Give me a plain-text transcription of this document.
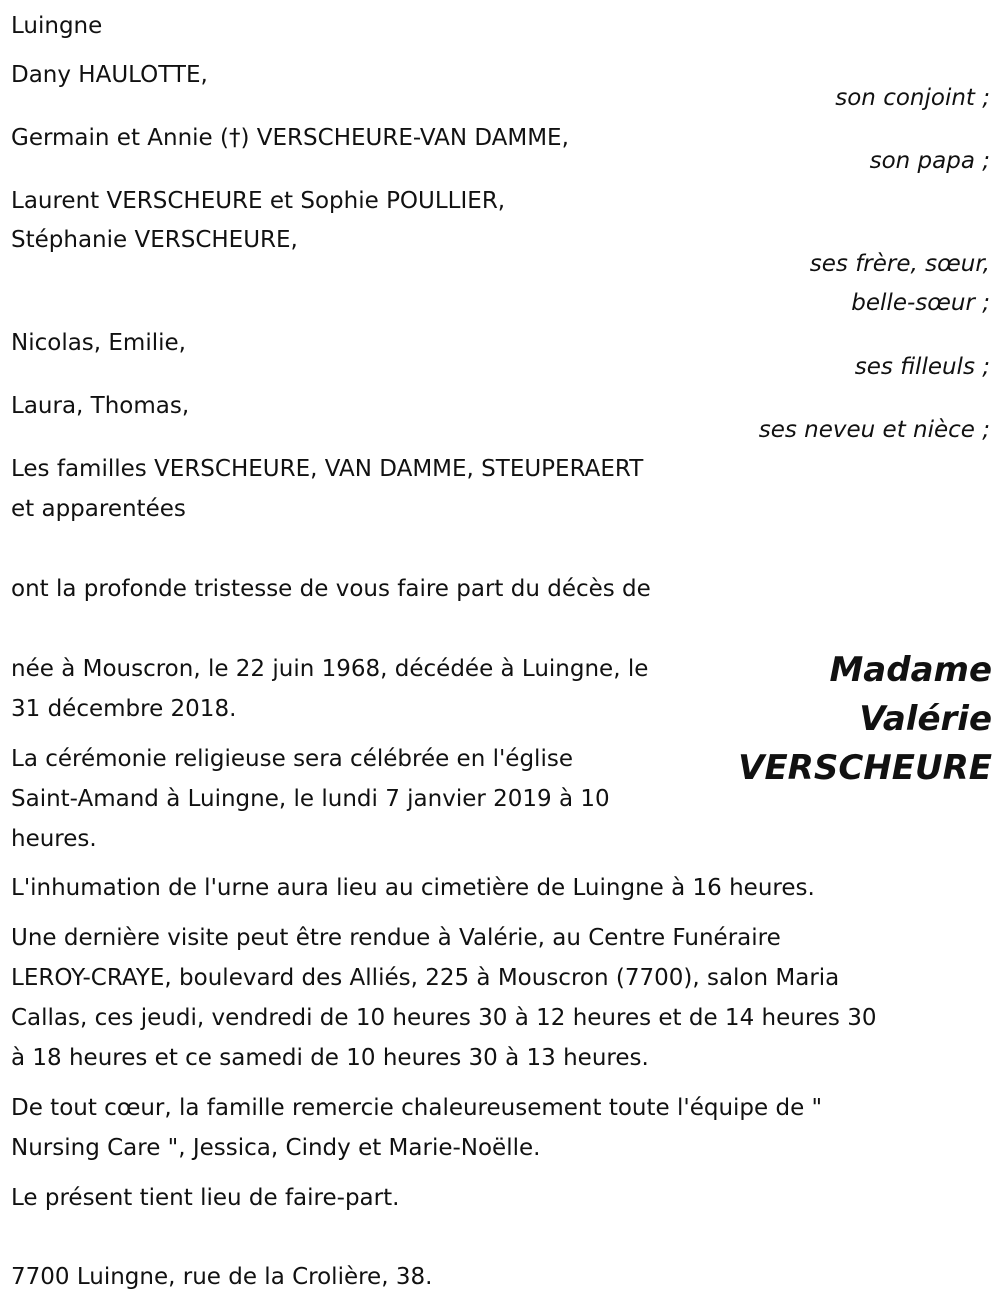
Luingne
Dany HAULOTTE,
son conjoint ;
Germain et Annie (†) VERSCHEURE-VAN DAMME,
son papa ;
Laurent VERSCHEURE et Sophie POULLIER,
Stéphanie VERSCHEURE,
ses frère, sœur,
belle-sœur ;
Nicolas, Emilie,
ses filleuls ;
Laura, Thomas,
ses neveu et nièce ;
Les familles VERSCHEURE, VAN DAMME, STEUPERAERT
et apparentées
ont la profonde tristesse de vous faire part du décès de
Madame
Valérie
VERSCHEURE
née à Mouscron, le 22 juin 1968, décédée à Luingne, le
31 décembre 2018.
La cérémonie religieuse sera célébrée en l'église
Saint-Amand à Luingne, le lundi 7 janvier 2019 à 10
heures.
L'inhumation de l'urne aura lieu au cimetière de Luingne à 16 heures.
Une dernière visite peut être rendue à Valérie, au Centre Funéraire
LEROY-CRAYE, boulevard des Alliés, 225 à Mouscron (7700), salon Maria
Callas, ces jeudi, vendredi de 10 heures 30 à 12 heures et de 14 heures 30
à 18 heures et ce samedi de 10 heures 30 à 13 heures.
De tout cœur, la famille remercie chaleureusement toute l'équipe de "
Nursing Care ", Jessica, Cindy et Marie-Noëlle.
Le présent tient lieu de faire-part.
7700 Luingne, rue de la Crolière, 38.
